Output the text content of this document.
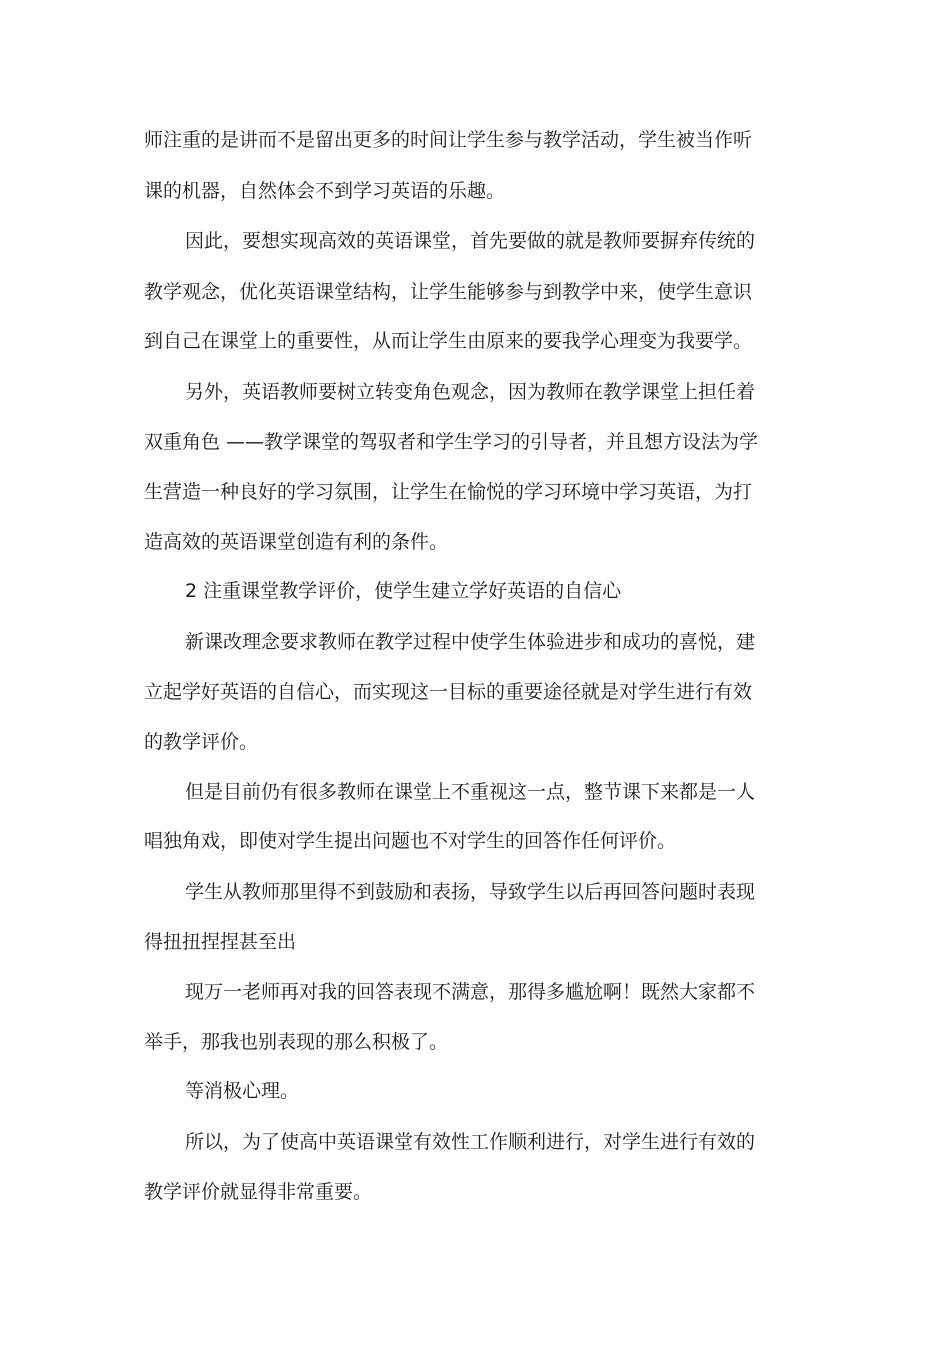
师注重的是讲而不是留出更多的时间让学生参与教学活动，学生被当作听
课的机器，自然体会不到学习英语的乐趣。
因此，要想实现高效的英语课堂，首先要做的就是教师要摒弃传统的
教学观念，优化英语课堂结构，让学生能够参与到教学中来，使学生意识
到自己在课堂上的重要性，从而让学生由原来的要我学心理变为我要学。
另外，英语教师要树立转变角色观念，因为教师在教学课堂上担任着
双重角色 ——教学课堂的驾驭者和学生学习的引导者，并且想方设法为学
生营造一种良好的学习氛围，让学生在愉悦的学习环境中学习英语，为打
造高效的英语课堂创造有利的条件。
2 注重课堂教学评价，使学生建立学好英语的自信心
新课改理念要求教师在教学过程中使学生体验进步和成功的喜悦，建
立起学好英语的自信心，而实现这一目标的重要途径就是对学生进行有效
的教学评价。
但是目前仍有很多教师在课堂上不重视这一点，整节课下来都是一人
唱独角戏，即使对学生提出问题也不对学生的回答作任何评价。
学生从教师那里得不到鼓励和表扬，导致学生以后再回答问题时表现
得扭扭捏捏甚至出
现万一老师再对我的回答表现不满意，那得多尴尬啊！既然大家都不
举手，那我也别表现的那么积极了。
等消极心理。
所以，为了使高中英语课堂有效性工作顺利进行，对学生进行有效的
教学评价就显得非常重要。
